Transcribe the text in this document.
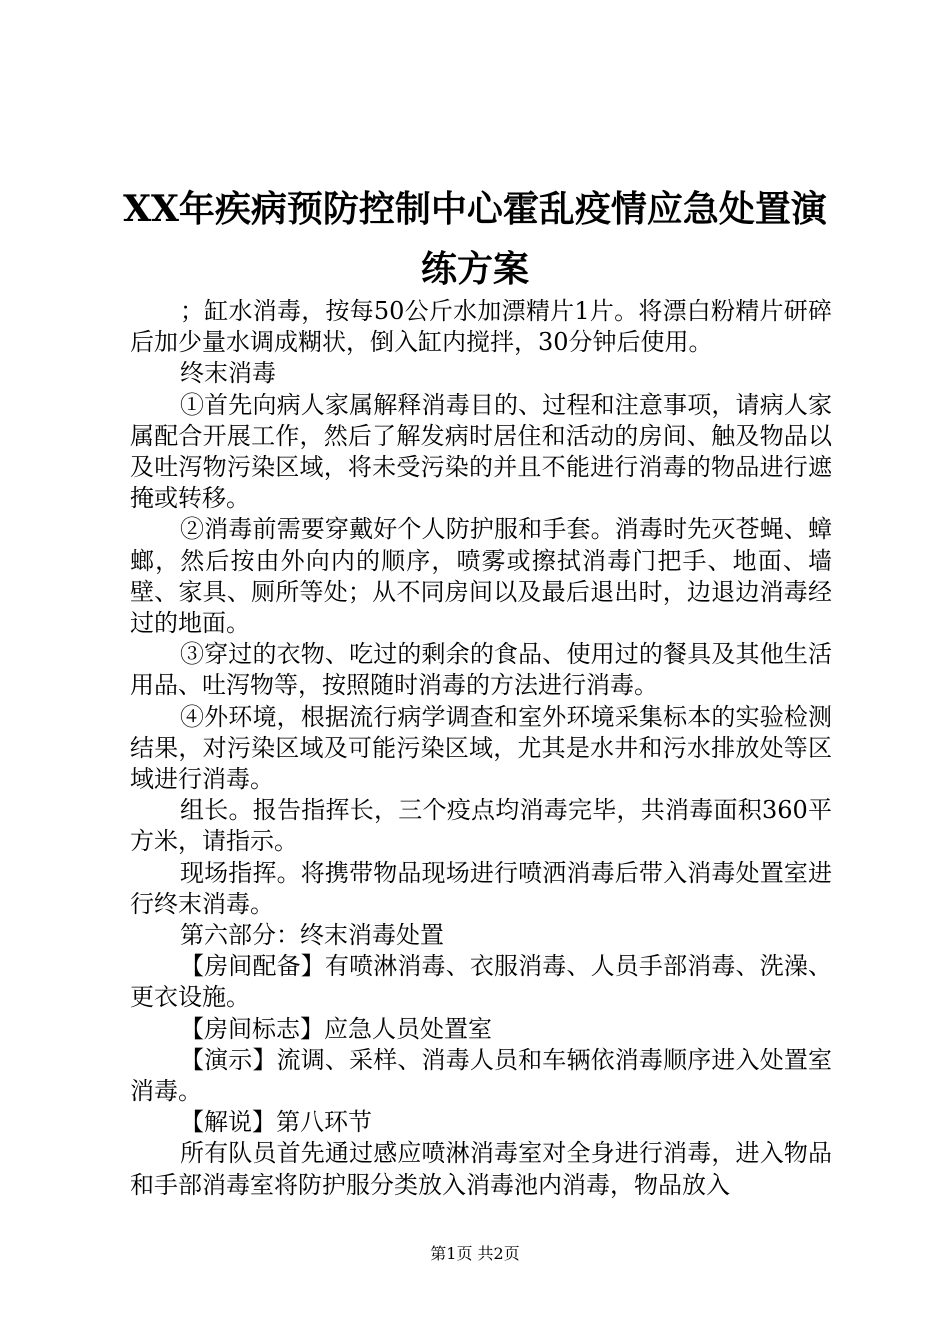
XX年疾病预防控制中心霍乱疫情应急处置演
练方案

；缸水消毒，按每50公斤水加漂精片1片。将漂白粉精片研碎后加少量水调成糊状，倒入缸内搅拌，30分钟后使用。

终末消毒

①首先向病人家属解释消毒目的、过程和注意事项，请病人家属配合开展工作，然后了解发病时居住和活动的房间、触及物品以及吐泻物污染区域，将未受污染的并且不能进行消毒的物品进行遮掩或转移。

②消毒前需要穿戴好个人防护服和手套。消毒时先灭苍蝇、蟑螂，然后按由外向内的顺序，喷雾或擦拭消毒门把手、地面、墙壁、家具、厕所等处；从不同房间以及最后退出时，边退边消毒经过的地面。

③穿过的衣物、吃过的剩余的食品、使用过的餐具及其他生活用品、吐泻物等，按照随时消毒的方法进行消毒。

④外环境，根据流行病学调查和室外环境采集标本的实验检测结果，对污染区域及可能污染区域，尤其是水井和污水排放处等区域进行消毒。

组长。报告指挥长，三个疫点均消毒完毕，共消毒面积360平方米，请指示。

现场指挥。将携带物品现场进行喷洒消毒后带入消毒处置室进行终末消毒。

第六部分：终末消毒处置

【房间配备】有喷淋消毒、衣服消毒、人员手部消毒、洗澡、更衣设施。

【房间标志】应急人员处置室

【演示】流调、采样、消毒人员和车辆依消毒顺序进入处置室消毒。

【解说】第八环节

所有队员首先通过感应喷淋消毒室对全身进行消毒，进入物品和手部消毒室将防护服分类放入消毒池内消毒，物品放入

第1页 共2页
